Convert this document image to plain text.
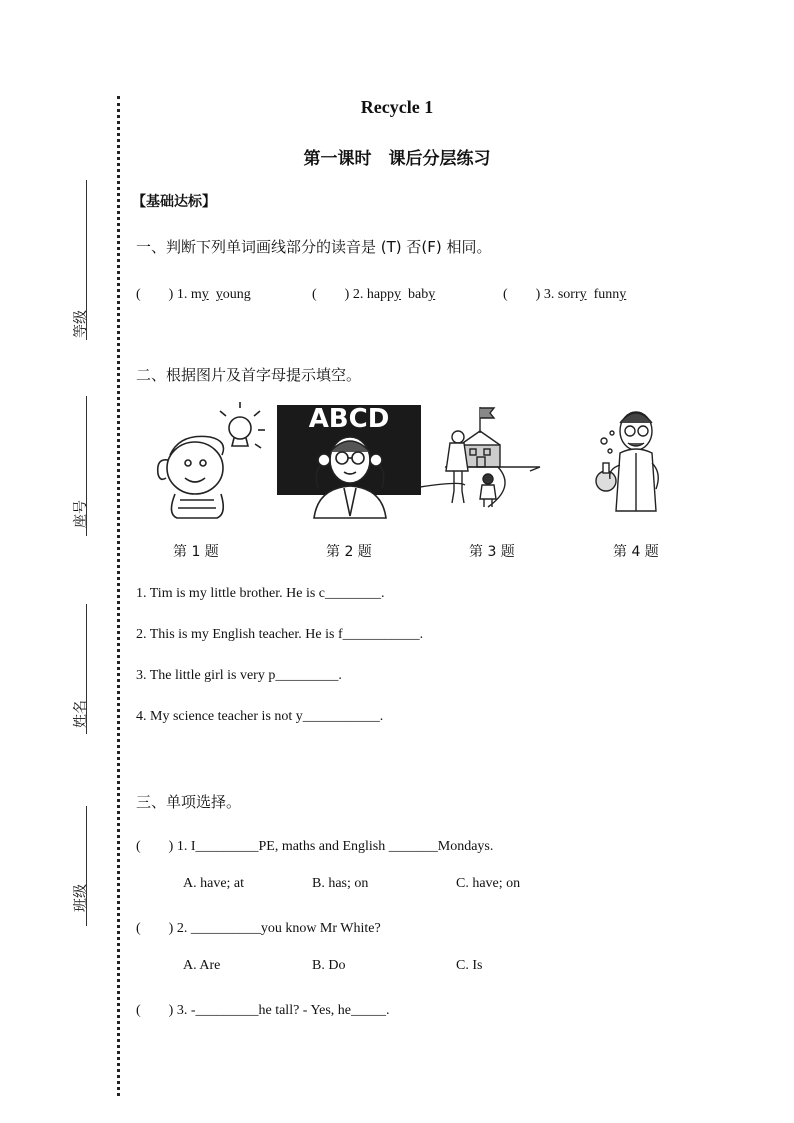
等级
座号
姓名
班级
Recycle 1
第一课时　课后分层练习
【基础达标】
一、判断下列单词画线部分的读音是 (T) 否(F) 相同。
(　　) 1. my young	(　　) 2. happy baby	(　　) 3. sorry funny
二、根据图片及首字母提示填空。
ABCD
第 1 题	第 2 题	第 3 题	第 4 题
1. Tim is my little brother. He is c________.
2. This is my English teacher. He is f___________.
3. The little girl is very p_________.
4. My science teacher is not y___________.
三、单项选择。
(　　) 1. I_________PE, maths and English _______Mondays.
A. have; at	B. has; on	C. have; on
(　　) 2. __________you know Mr White?
A. Are	B. Do	C. Is
(　　) 3. -_________he tall? - Yes, he_____.
